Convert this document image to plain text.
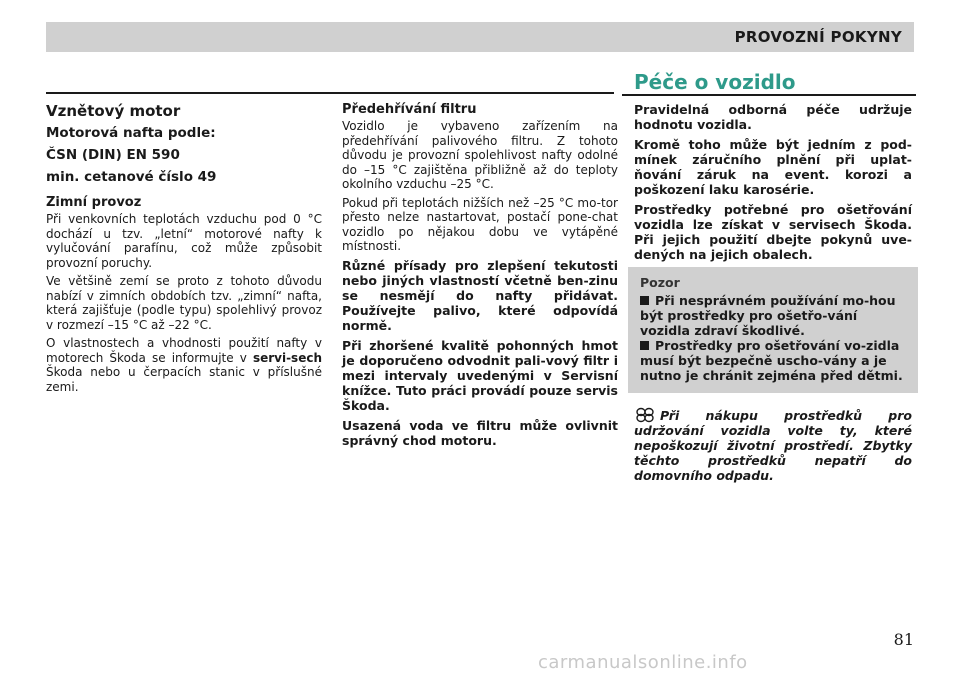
PROVOZNÍ POKYNY
Péče o vozidlo
Vznětový motor
Motorová nafta podle:
ČSN (DIN) EN 590
min. cetanové číslo 49
Zimní provoz

Při venkovních teplotách vzduchu pod 0 °C dochází u tzv. „letní“ motorové nafty k vylučování parafínu, což může způsobit provozní poruchy.

Ve většině zemí se proto z tohoto důvodu nabízí v zimních obdobích tzv. „zimní“ nafta, která zajišťuje (podle typu) spolehlivý provoz v rozmezí –15 °C až –22 °C.

O vlastnostech a vhodnosti použití nafty v motorech Škoda se informujte v servi-sech Škoda nebo u čerpacích stanic v příslušné zemi.

Předehřívání filtru

Vozidlo je vybaveno zařízením na předehřívání palivového filtru. Z tohoto důvodu je provozní spolehlivost nafty odolné do –15 °C zajištěna přibližně až do teploty okolního vzduchu –25 °C.

Pokud při teplotách nižších než –25 °C mo-tor přesto nelze nastartovat, postačí pone-chat vozidlo po nějakou dobu ve vytápěné místnosti.

Různé přísady pro zlepšení tekutosti nebo jiných vlastností včetně ben-zinu se nesmějí do nafty přidávat. Používejte palivo, které odpovídá normě.

Při zhoršené kvalitě pohonných hmot je doporučeno odvodnit pali-vový filtr i mezi intervaly uvedenými v Servisní knížce. Tuto práci provádí pouze servis Škoda.

Usazená voda ve filtru může ovlivnit správný chod motoru.

Pravidelná odborná péče udržuje hodnotu vozidla.

Kromě toho může být jedním z pod-mínek záručního plnění při uplat-ňování záruk na event. korozi a poškození laku karosérie.

Prostředky potřebné pro ošetřování vozidla lze získat v servisech Škoda. Při jejich použití dbejte pokynů uve-dených na jejich obalech.

Pozor

Při nesprávném používání mo-hou být prostředky pro ošetřo-vání vozidla zdraví škodlivé.

Prostředky pro ošetřování vo-zidla musí být bezpečně uscho-vány a je nutno je chránit zejména před dětmi.

Při nákupu prostředků pro udržování vozidla volte ty, které nepoškozují životní prostředí. Zbytky těchto prostředků nepatří do domovního odpadu.

81
carmanualsonline.info
